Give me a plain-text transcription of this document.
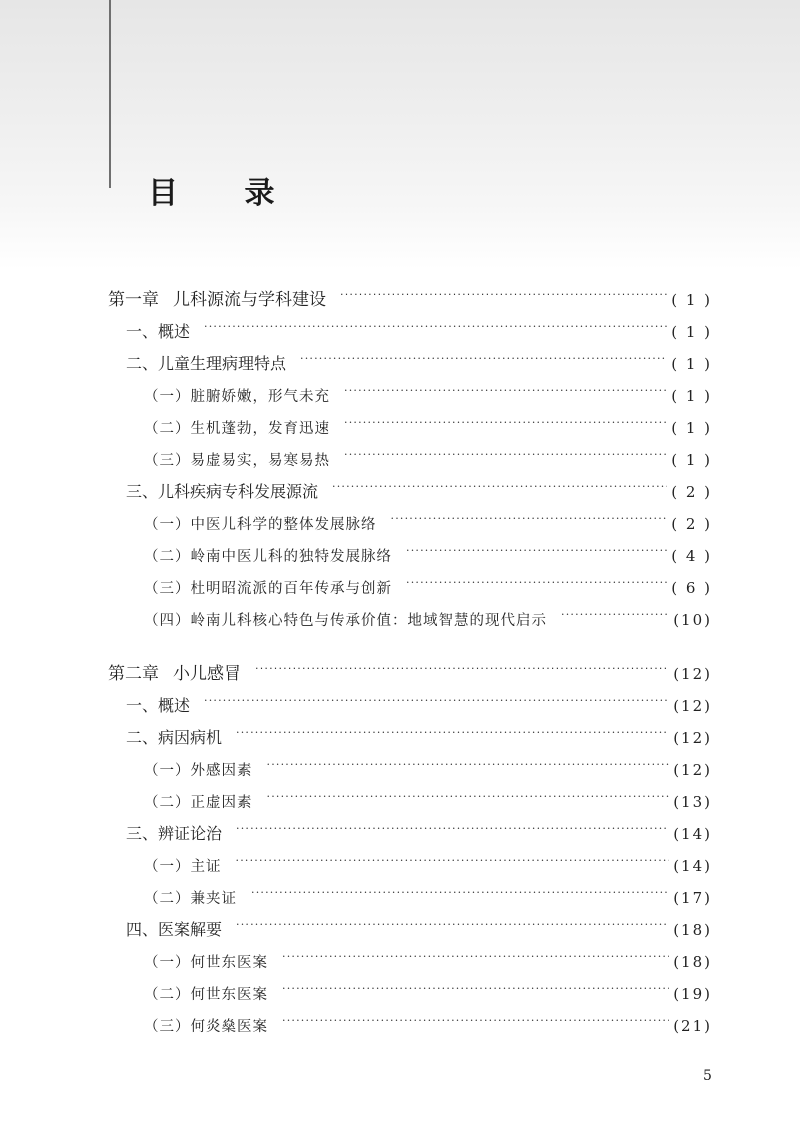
目 录
第一章 儿科源流与学科建设 ·····	( 1 )
一、概述 ·····	( 1 )
二、儿童生理病理特点 ·····	( 1 )
（一）脏腑娇嫩，形气未充 ·····	( 1 )
（二）生机蓬勃，发育迅速 ·····	( 1 )
（三）易虚易实，易寒易热 ·····	( 1 )
三、儿科疾病专科发展源流 ·····	( 2 )
（一）中医儿科学的整体发展脉络 ·····	( 2 )
（二）岭南中医儿科的独特发展脉络 ·····	( 4 )
（三）杜明昭流派的百年传承与创新 ·····	( 6 )
（四）岭南儿科核心特色与传承价值：地域智慧的现代启示 ·····	(10)
第二章 小儿感冒 ·····	(12)
一、概述 ·····	(12)
二、病因病机 ·····	(12)
（一）外感因素 ·····	(12)
（二）正虚因素 ·····	(13)
三、辨证论治 ·····	(14)
（一）主证 ·····	(14)
（二）兼夹证 ·····	(17)
四、医案解要 ·····	(18)
（一）何世东医案 ·····	(18)
（二）何世东医案 ·····	(19)
（三）何炎燊医案 ·····	(21)
5
